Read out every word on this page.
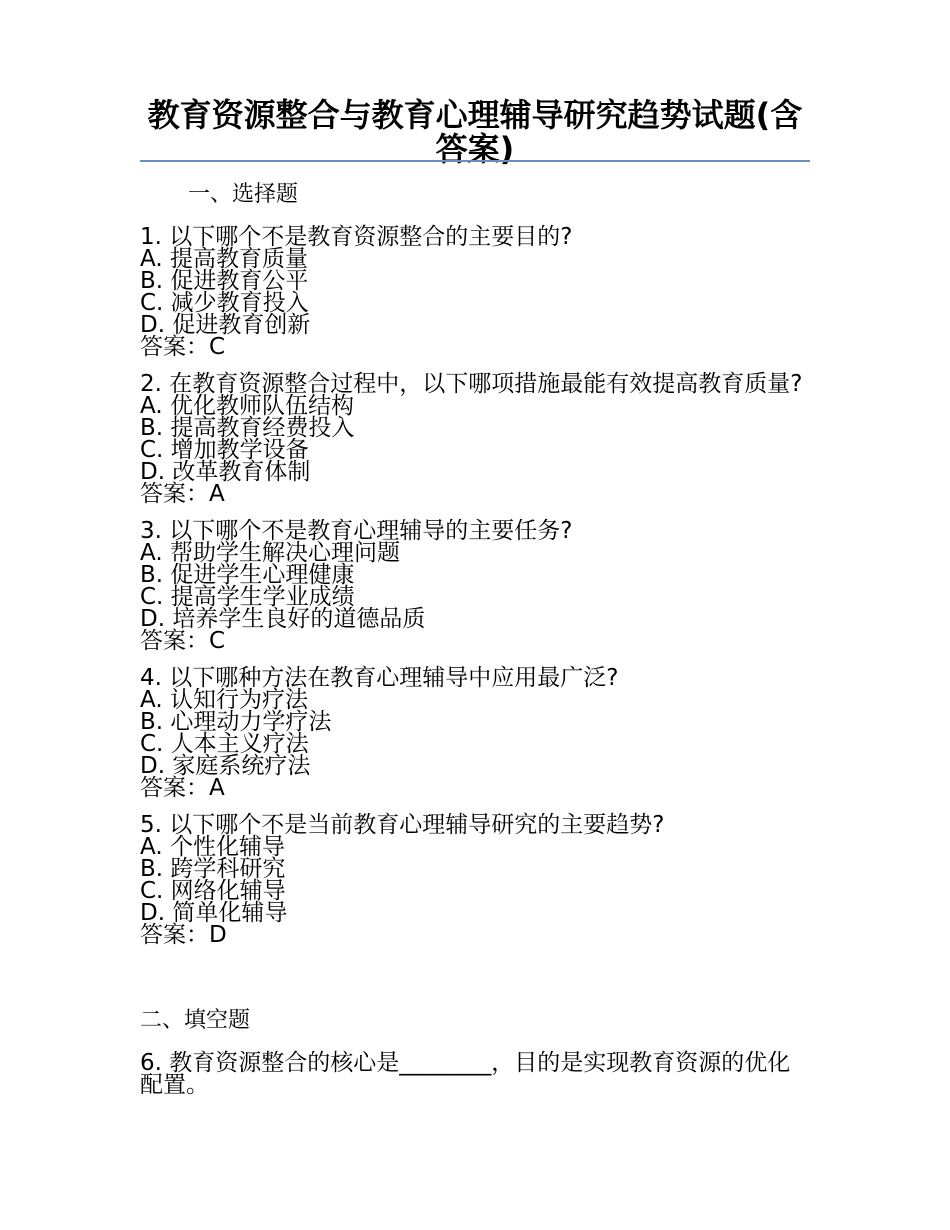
教育资源整合与教育心理辅导研究趋势试题(含答案)

一、选择题

1. 以下哪个不是教育资源整合的主要目的?
A. 提高教育质量
B. 促进教育公平
C. 减少教育投入
D. 促进教育创新
答案：C
2. 在教育资源整合过程中，以下哪项措施最能有效提高教育质量?
A. 优化教师队伍结构
B. 提高教育经费投入
C. 增加教学设备
D. 改革教育体制
答案：A
3. 以下哪个不是教育心理辅导的主要任务?
A. 帮助学生解决心理问题
B. 促进学生心理健康
C. 提高学生学业成绩
D. 培养学生良好的道德品质
答案：C
4. 以下哪种方法在教育心理辅导中应用最广泛?
A. 认知行为疗法
B. 心理动力学疗法
C. 人本主义疗法
D. 家庭系统疗法
答案：A
5. 以下哪个不是当前教育心理辅导研究的主要趋势?
A. 个性化辅导
B. 跨学科研究
C. 网络化辅导
D. 简单化辅导
答案：D

二、填空题

6. 教育资源整合的核心是________，目的是实现教育资源的优化配置。
